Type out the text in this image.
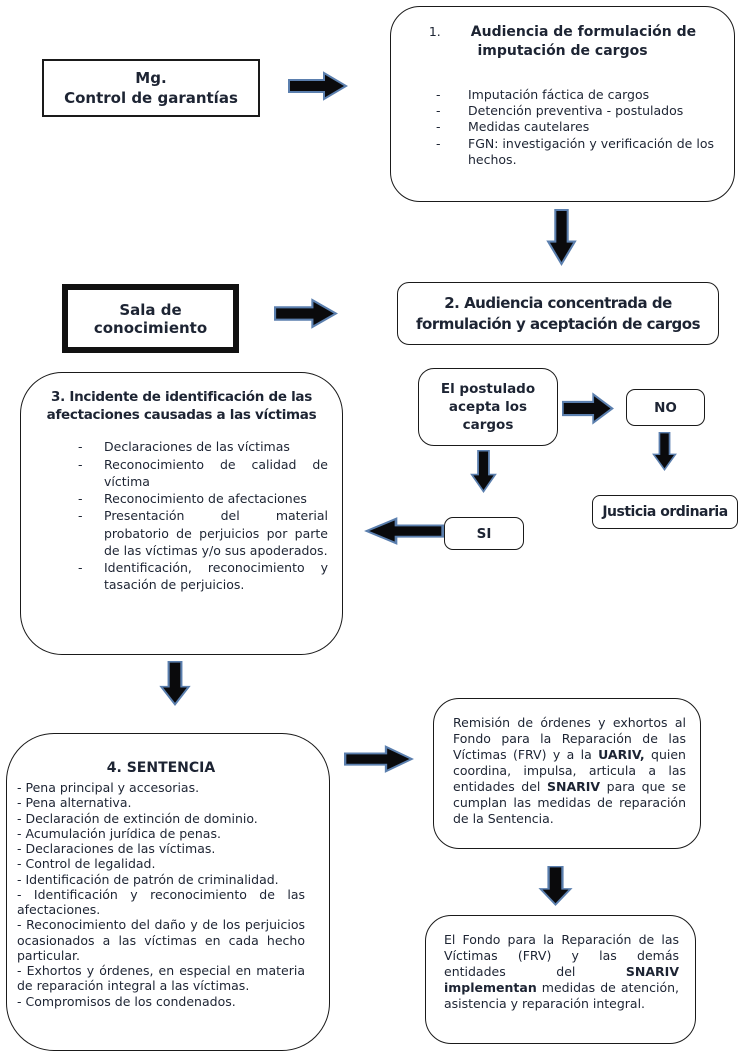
Mg.
Control de garantías
1. Audiencia de formulación de imputación de cargos
-	Imputación fáctica de cargos
-	Detención preventiva - postulados
-	Medidas cautelares
-	FGN: investigación y verificación de los hechos.
Sala de conocimiento
2. Audiencia concentrada de formulación y aceptación de cargos
El postulado acepta los cargos
NO
Justicia ordinaria
SI
3. Incidente de identificación de las afectaciones causadas a las víctimas
-	Declaraciones de las víctimas
-	Reconocimiento de calidad de víctima
-	Reconocimiento de afectaciones
-	Presentación del material probatorio de perjuicios por parte de las víctimas y/o sus apoderados.
-	Identificación, reconocimiento y tasación de perjuicios.
4. SENTENCIA
- Pena principal y accesorias.
- Pena alternativa.
- Declaración de extinción de dominio.
- Acumulación jurídica de penas.
- Declaraciones de las víctimas.
- Control de legalidad.
- Identificación de patrón de criminalidad.
- Identificación y reconocimiento de las afectaciones.
- Reconocimiento del daño y de los perjuicios ocasionados a las víctimas en cada hecho particular.
- Exhortos y órdenes, en especial en materia de reparación integral a las víctimas.
- Compromisos de los condenados.
Remisión de órdenes y exhortos al Fondo para la Reparación de las Víctimas (FRV) y a la UARIV, quien coordina, impulsa, articula a las entidades del SNARIV para que se cumplan las medidas de reparación de la Sentencia.
El Fondo para la Reparación de las Víctimas (FRV) y las demás entidades del SNARIV implementan medidas de atención, asistencia y reparación integral.
